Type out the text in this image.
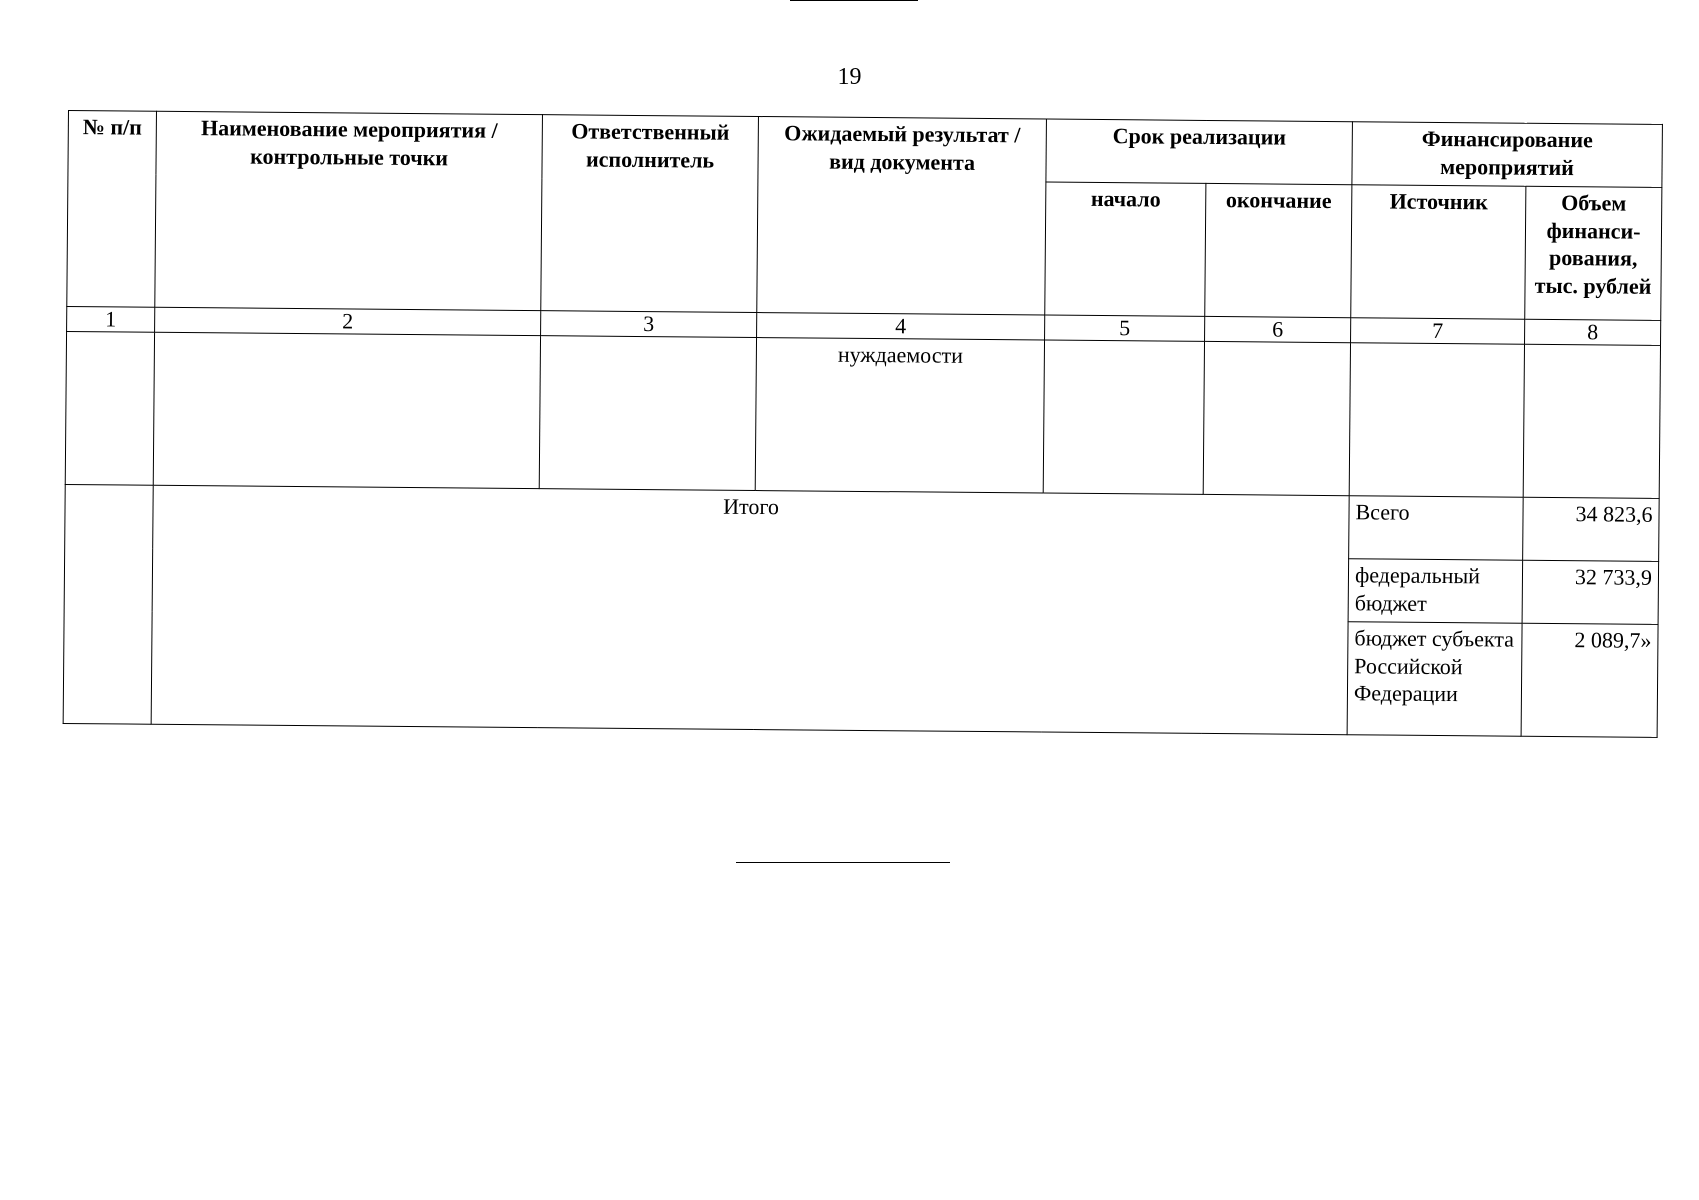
19
№ п/п	Наименование мероприятия / контрольные точки	Ответственный исполнитель	Ожидаемый результат / вид документа	Срок реализации		Финансирование мероприятий	
				начало	окончание	Источник	Объем финанси-рования, тыс. рублей
1	2	3	4	5	6	7	8
			нуждаемости				
	Итого					Всего	34 823,6
						федеральный бюджет	32 733,9
						бюджет субъекта Российской Федерации	2 089,7»
